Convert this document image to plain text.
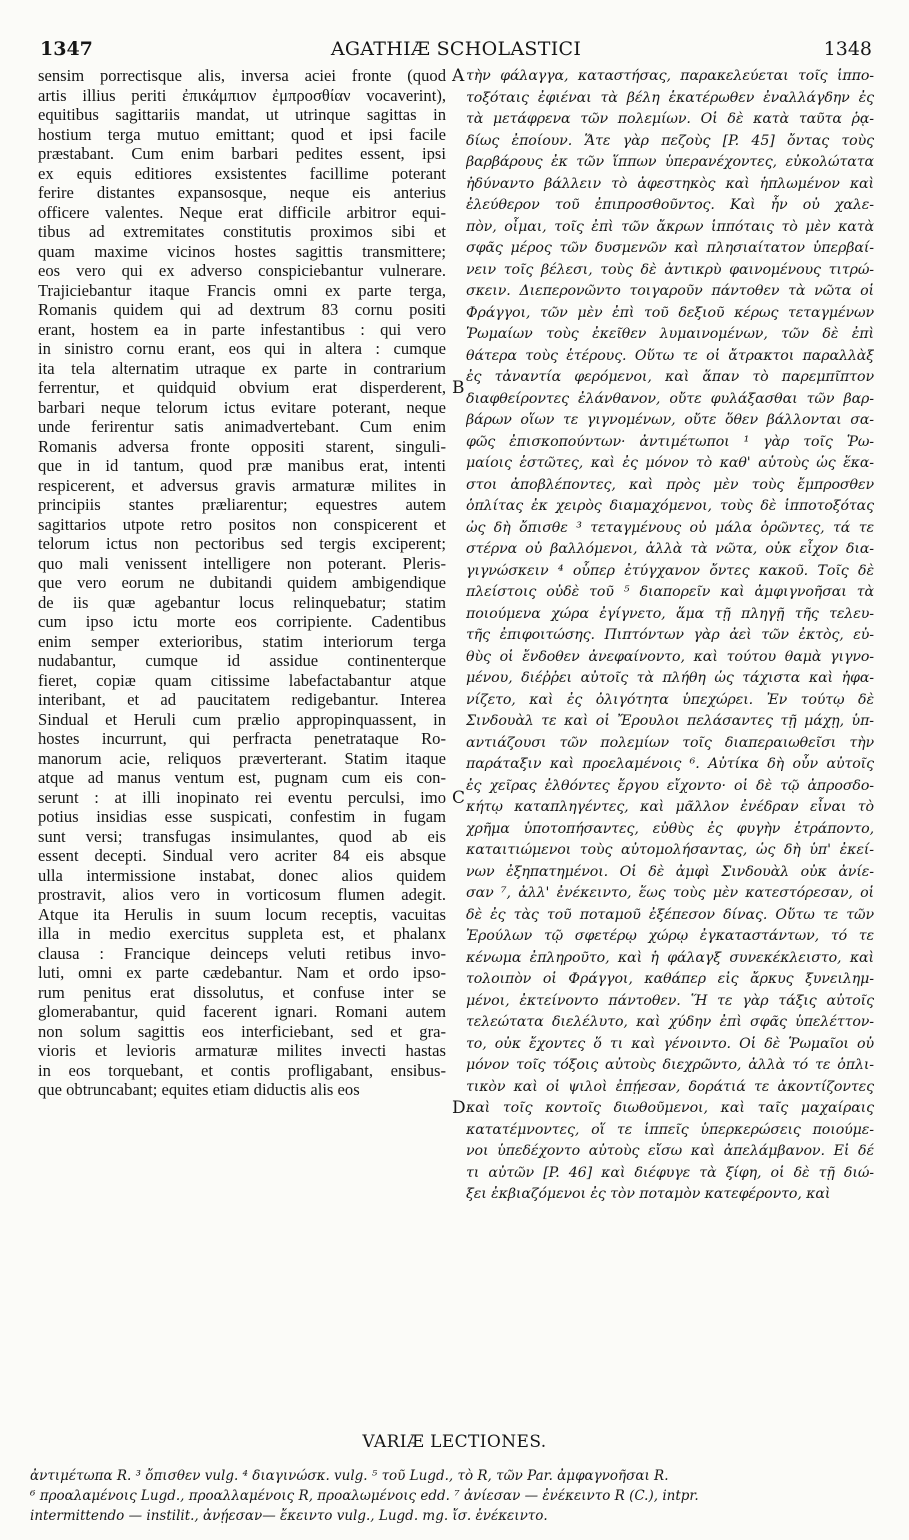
1347	AGATHIÆ SCHOLASTICI	1348
sensim porrectisque alis, inversa aciei fronte (quod
artis illius periti ἐπικάμπιον ἐμπροσθίαν vocaverint),
equitibus sagittariis mandat, ut utrinque sagittas in
hostium terga mutuo emittant; quod et ipsi facile
præstabant. Cum enim barbari pedites essent, ipsi
ex equis editiores exsistentes facillime poterant
ferire distantes expansosque, neque eis anterius
officere valentes. Neque erat difficile arbitror equi-
tibus ad extremitates constitutis proximos sibi et
quam maxime vicinos hostes sagittis transmittere;
eos vero qui ex adverso conspiciebantur vulnerare.
Trajiciebantur itaque Francis omni ex parte terga,
Romanis quidem qui ad dextrum 83 cornu positi
erant, hostem ea in parte infestantibus : qui vero
in sinistro cornu erant, eos qui in altera : cumque
ita tela alternatim utraque ex parte in contrarium
ferrentur, et quidquid obvium erat disperderent,
barbari neque telorum ictus evitare poterant, neque
unde ferirentur satis animadvertebant. Cum enim
Romanis adversa fronte oppositi starent, singuli-
que in id tantum, quod præ manibus erat, intenti
respicerent, et adversus gravis armaturæ milites in
principiis stantes præliarentur; equestres autem
sagittarios utpote retro positos non conspicerent et
telorum ictus non pectoribus sed tergis exciperent;
quo mali venissent intelligere non poterant. Pleris-
que vero eorum ne dubitandi quidem ambigendique
de iis quæ agebantur locus relinquebatur; statim
cum ipso ictu morte eos corripiente. Cadentibus
enim semper exterioribus, statim interiorum terga
nudabantur, cumque id assidue continenterque
fieret, copiæ quam citissime labefactabantur atque
interibant, et ad paucitatem redigebantur. Interea
Sindual et Heruli cum prælio appropinquassent, in
hostes incurrunt, qui perfracta penetrataque Ro-
manorum acie, reliquos præverterant. Statim itaque
atque ad manus ventum est, pugnam cum eis con-
serunt : at illi inopinato rei eventu perculsi, imo
potius insidias esse suspicati, confestim in fugam
sunt versi; transfugas insimulantes, quod ab eis
essent decepti. Sindual vero acriter 84 eis absque
ulla intermissione instabat, donec alios quidem
prostravit, alios vero in vorticosum flumen adegit.
Atque ita Herulis in suum locum receptis, vacuitas
illa in medio exercitus suppleta est, et phalanx
clausa : Francique deinceps veluti retibus invo-
luti, omni ex parte cædebantur. Nam et ordo ipso-
rum penitus erat dissolutus, et confuse inter se
glomerabantur, quid facerent ignari. Romani autem
non solum sagittis eos interficiebant, sed et gra-
vioris et levioris armaturæ milites invecti hastas
in eos torquebant, et contis profligabant, ensibus-
que obtruncabant; equites etiam diductis alis eos
τὴν φάλαγγα, καταστήσας, παρακελεύεται τοῖς ἱππο-
τοξόταις ἐφιέναι τὰ βέλη ἑκατέρωθεν ἐναλλάγδην ἐς
τὰ μετάφρενα τῶν πολεμίων. Οἱ δὲ κατὰ ταῦτα ῥᾳ-
δίως ἐποίουν. Ἅτε γὰρ πεζοὺς [P. 45] ὄντας τοὺς
βαρβάρους ἐκ τῶν ἵππων ὑπερανέχοντες, εὐκολώτατα
ἠδύναντο βάλλειν τὸ ἀφεστηκὸς καὶ ἡπλωμένον καὶ
ἐλεύθερον τοῦ ἐπιπροσθοῦντος. Καὶ ἦν οὐ χαλε-
πὸν, οἶμαι, τοῖς ἐπὶ τῶν ἄκρων ἱππόταις τὸ μὲν κατὰ
σφᾶς μέρος τῶν δυσμενῶν καὶ πλησιαίτατον ὑπερβαί-
νειν τοῖς βέλεσι, τοὺς δὲ ἀντικρὺ φαινομένους τιτρώ-
σκειν. Διεπερονῶντο τοιγαροῦν πάντοθεν τὰ νῶτα οἱ
Φράγγοι, τῶν μὲν ἐπὶ τοῦ δεξιοῦ κέρως τεταγμένων
Ῥωμαίων τοὺς ἐκεῖθεν λυμαινομένων, τῶν δὲ ἐπὶ
θάτερα τοὺς ἑτέρους. Οὕτω τε οἱ ἄτρακτοι παραλλὰξ
ἐς τἀναντία φερόμενοι, καὶ ἅπαν τὸ παρεμπῖπτον
διαφθείροντες ἐλάνθανον, οὔτε φυλάξασθαι τῶν βαρ-
βάρων οἵων τε γιγνομένων, οὔτε ὅθεν βάλλονται σα-
φῶς ἐπισκοπούντων· ἀντιμέτωποι ¹ γὰρ τοῖς Ῥω-
μαίοις ἑστῶτες, καὶ ἐς μόνον τὸ καθ' αὑτοὺς ὡς ἕκα-
στοι ἀποβλέποντες, καὶ πρὸς μὲν τοὺς ἔμπροσθεν
ὁπλίτας ἐκ χειρὸς διαμαχόμενοι, τοὺς δὲ ἱπποτοξότας
ὡς δὴ ὄπισθε ³ τεταγμένους οὐ μάλα ὁρῶντες, τά τε
στέρνα οὐ βαλλόμενοι, ἀλλὰ τὰ νῶτα, οὐκ εἶχον δια-
γιγνώσκειν ⁴ οὗπερ ἐτύγχανον ὄντες κακοῦ. Τοῖς δὲ
πλείστοις οὐδὲ τοῦ ⁵ διαπορεῖν καὶ ἀμφιγνοῆσαι τὰ
ποιούμενα χώρα ἐγίγνετο, ἅμα τῇ πληγῇ τῆς τελευ-
τῆς ἐπιφοιτώσης. Πιπτόντων γὰρ ἀεὶ τῶν ἐκτὸς, εὐ-
θὺς οἱ ἔνδοθεν ἀνεφαίνοντο, καὶ τούτου θαμὰ γιγνο-
μένου, διέῤῥει αὐτοῖς τὰ πλήθη ὡς τάχιστα καὶ ἠφα-
νίζετο, καὶ ἐς ὀλιγότητα ὑπεχώρει. Ἐν τούτῳ δὲ
Σινδουὰλ τε καὶ οἱ Ἔρουλοι πελάσαντες τῇ μάχῃ, ὑπ-
αντιάζουσι τῶν πολεμίων τοῖς διαπεραιωθεῖσι τὴν
παράταξιν καὶ προελαμένοις ⁶. Αὐτίκα δὴ οὖν αὐτοῖς
ἐς χεῖρας ἐλθόντες ἔργου εἴχοντο· οἱ δὲ τῷ ἀπροσδο-
κήτῳ καταπληγέντες, καὶ μᾶλλον ἐνέδραν εἶναι τὸ
χρῆμα ὑποτοπήσαντες, εὐθὺς ἐς φυγὴν ἐτράποντο,
καταιτιώμενοι τοὺς αὐτομολήσαντας, ὡς δὴ ὑπ' ἐκεί-
νων ἐξηπατημένοι. Οἱ δὲ ἀμφὶ Σινδουὰλ οὐκ ἀνίε-
σαν ⁷, ἀλλ' ἐνέκειντο, ἕως τοὺς μὲν κατεστόρεσαν, οἱ
δὲ ἐς τὰς τοῦ ποταμοῦ ἐξέπεσον δίνας. Οὕτω τε τῶν
Ἐρούλων τῷ σφετέρῳ χώρῳ ἐγκαταστάντων, τό τε
κένωμα ἐπληροῦτο, καὶ ἡ φάλαγξ συνεκέκλειστο, καὶ
τολοιπὸν οἱ Φράγγοι, καθάπερ εἰς ἄρκυς ξυνειλημ-
μένοι, ἐκτείνοντο πάντοθεν. Ἥ τε γὰρ τάξις αὐτοῖς
τελεώτατα διελέλυτο, καὶ χύδην ἐπὶ σφᾶς ὑπελέττον-
το, οὐκ ἔχοντες ὅ τι καὶ γένοιντο. Οἱ δὲ Ῥωμαῖοι οὐ
μόνον τοῖς τόξοις αὐτοὺς διεχρῶντο, ἀλλὰ τό τε ὁπλι-
τικὸν καὶ οἱ ψιλοὶ ἐπῄεσαν, δοράτιά τε ἀκοντίζοντες
καὶ τοῖς κοντοῖς διωθοῦμενοι, καὶ ταῖς μαχαίραις
κατατέμνοντες, οἵ τε ἱππεῖς ὑπερκερώσεις ποιούμε-
νοι ὑπεδέχοντο αὐτοὺς εἴσω καὶ ἀπελάμβανον. Εἰ δέ
τι αὐτῶν [P. 46] καὶ διέφυγε τὰ ξίφη, οἱ δὲ τῇ διώ-
ξει ἐκβιαζόμενοι ἐς τὸν ποταμὸν κατεφέροντο, καὶ
A
B
C
D
VARIÆ LECTIONES.
ἀντιμέτωπα R. ³ ὄπισθεν vulg. ⁴ διαγινώσκ. vulg. ⁵ τοῦ Lugd., τὸ R, τῶν Par. ἀμφαγνοῆσαι R.
⁶ προαλαμένοις Lugd., προαλλαμένοις R, προαλωμένοις edd. ⁷ ἀνίεσαν — ἐνέκειντο R (C.), intpr.
intermittendo — instilit., ἀνῄεσαν— ἔκειντο vulg., Lugd. mg. ἴσ. ἐνέκειντο.
